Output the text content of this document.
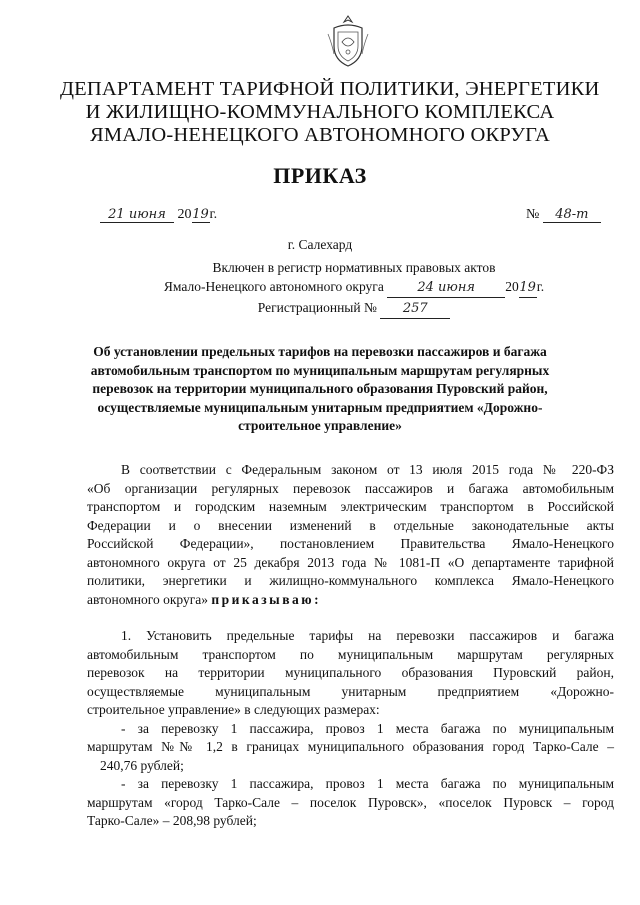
ДЕПАРТАМЕНТ ТАРИФНОЙ ПОЛИТИКИ, ЭНЕРГЕТИКИ
И ЖИЛИЩНО-КОММУНАЛЬНОГО КОМПЛЕКСА
ЯМАЛО-НЕНЕЦКОГО АВТОНОМНОГО ОКРУГА
ПРИКАЗ
21 июня 2019г.	№ 48-т
г. Салехард
Включен в регистр нормативных правовых актов
Ямало-Ненецкого автономного округа	24 июня 2019г.
Регистрационный № 257
Об установлении предельных тарифов на перевозки пассажиров и багажа
автомобильным транспортом по муниципальным маршрутам регулярных
перевозок на территории муниципального образования Пуровский район,
осуществляемые муниципальным унитарным предприятием «Дорожно-
строительное управление»
В соответствии с Федеральным законом от 13 июля 2015 года № 220-ФЗ
«Об организации регулярных перевозок пассажиров и багажа автомобильным
транспортом и городским наземным электрическим транспортом в Российской
Федерации и о внесении изменений в отдельные законодательные акты
Российской Федерации», постановлением Правительства Ямало-Ненецкого
автономного округа от 25 декабря 2013 года № 1081-П «О департаменте тарифной
политики, энергетики и жилищно-коммунального комплекса Ямало-Ненецкого
автономного округа» приказываю:
1. Установить предельные тарифы на перевозки пассажиров и багажа
автомобильным транспортом по муниципальным маршрутам регулярных
перевозок на территории муниципального образования Пуровский район,
осуществляемые муниципальным унитарным предприятием «Дорожно-
строительное управление» в следующих размерах:
- за перевозку 1 пассажира, провоз 1 места багажа по муниципальным
маршрутам №№ 1,2 в границах муниципального образования город Тарко-Сале –
240,76 рублей;
- за перевозку 1 пассажира, провоз 1 места багажа по муниципальным
маршрутам «город Тарко-Сале – поселок Пуровск», «поселок Пуровск – город
Тарко-Сале» – 208,98 рублей;
